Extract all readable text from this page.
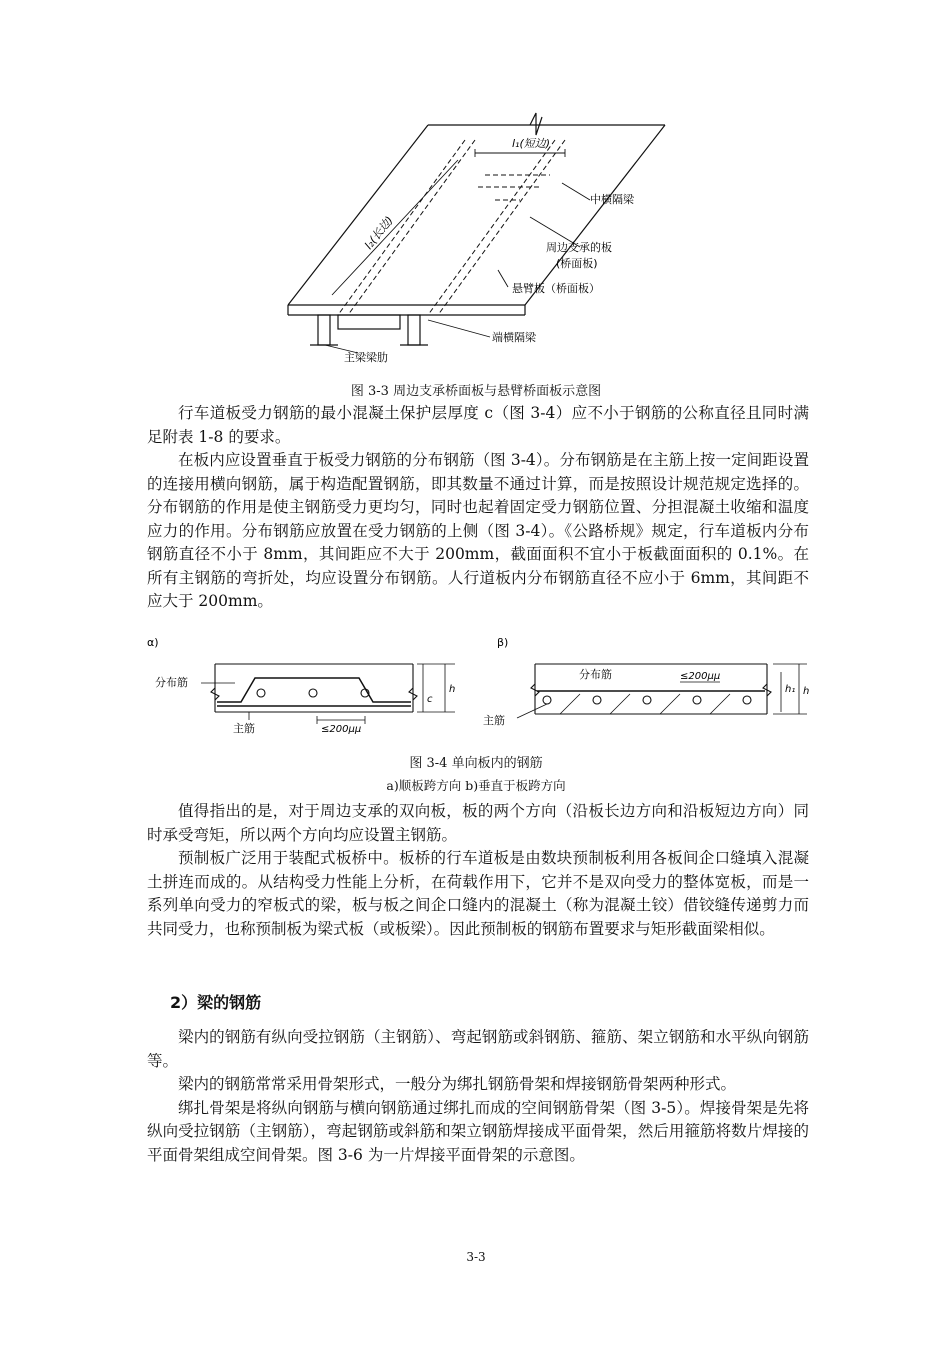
l₁(短边)
l₂(长边)
中横隔梁
周边支承的板
(桥面板)
悬臂板（桥面板）
端横隔梁
主梁梁肋
图 3-3 周边支承桥面板与悬臂桥面板示意图

行车道板受力钢筋的最小混凝土保护层厚度 c（图 3-4）应不小于钢筋的公称直径且同时满足附表 1-8 的要求。

在板内应设置垂直于板受力钢筋的分布钢筋（图 3-4）。分布钢筋是在主筋上按一定间距设置的连接用横向钢筋，属于构造配置钢筋，即其数量不通过计算，而是按照设计规范规定选择的。分布钢筋的作用是使主钢筋受力更均匀，同时也起着固定受力钢筋位置、分担混凝土收缩和温度应力的作用。分布钢筋应放置在受力钢筋的上侧（图 3-4）。《公路桥规》规定，行车道板内分布钢筋直径不小于 8mm，其间距应不大于 200mm，截面面积不宜小于板截面面积的 0.1%。在所有主钢筋的弯折处，均应设置分布钢筋。人行道板内分布钢筋直径不应小于 6mm，其间距不应大于 200mm。

α)	β)
分布筋
主筋	≤200μμ
c
h
分布筋	≤200μμ
主筋
h₁ h
图 3-4 单向板内的钢筋
a)顺板跨方向 b)垂直于板跨方向

值得指出的是，对于周边支承的双向板，板的两个方向（沿板长边方向和沿板短边方向）同时承受弯矩，所以两个方向均应设置主钢筋。

预制板广泛用于装配式板桥中。板桥的行车道板是由数块预制板利用各板间企口缝填入混凝土拼连而成的。从结构受力性能上分析，在荷载作用下，它并不是双向受力的整体宽板，而是一系列单向受力的窄板式的梁，板与板之间企口缝内的混凝土（称为混凝土铰）借铰缝传递剪力而共同受力，也称预制板为梁式板（或板梁）。因此预制板的钢筋布置要求与矩形截面梁相似。

2）梁的钢筋

梁内的钢筋有纵向受拉钢筋（主钢筋）、弯起钢筋或斜钢筋、箍筋、架立钢筋和水平纵向钢筋等。

梁内的钢筋常常采用骨架形式，一般分为绑扎钢筋骨架和焊接钢筋骨架两种形式。

绑扎骨架是将纵向钢筋与横向钢筋通过绑扎而成的空间钢筋骨架（图 3-5）。焊接骨架是先将纵向受拉钢筋（主钢筋），弯起钢筋或斜筋和架立钢筋焊接成平面骨架，然后用箍筋将数片焊接的平面骨架组成空间骨架。图 3-6 为一片焊接平面骨架的示意图。

3-3
